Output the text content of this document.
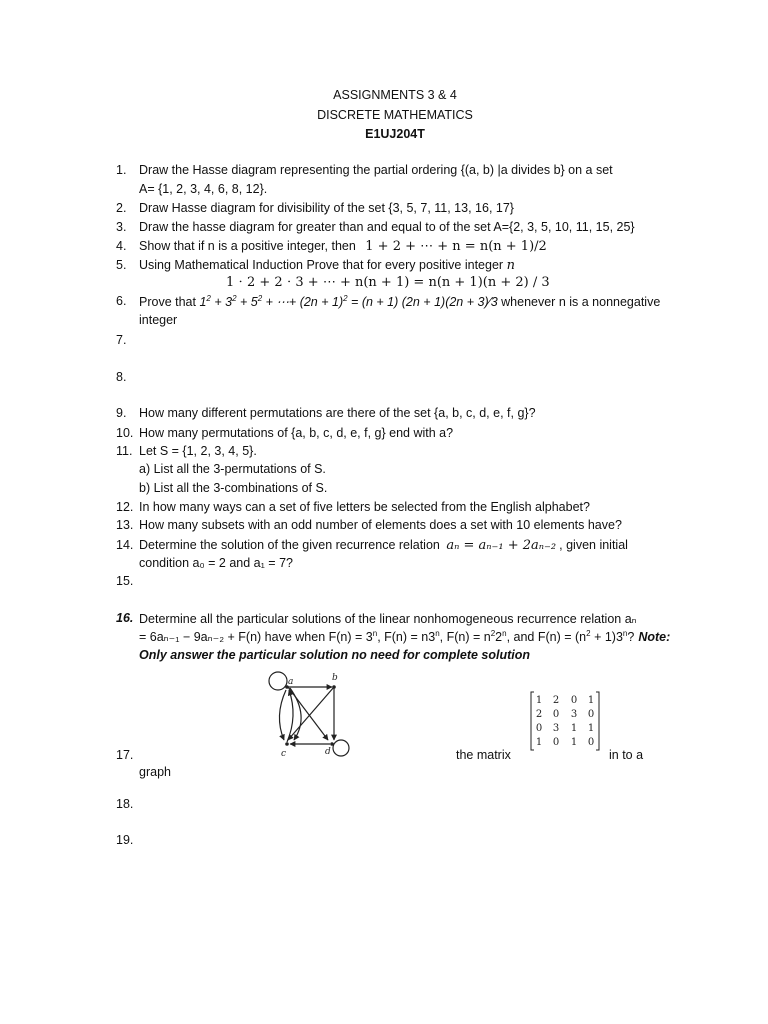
ASSIGNMENTS 3 & 4
DISCRETE MATHEMATICS
E1UJ204T
1.
2.
3.
4.
5.
6.
7.
8.
9.
10.
11.
12.
13.
14.
15.
16.
17.
18.
19.
Draw the Hasse diagram representing the partial ordering {(a, b) |a divides b} on a set
A= {1, 2, 3, 4, 6, 8, 12}.
Draw Hasse diagram for divisibility of the set {3, 5, 7, 11, 13, 16, 17}
Draw the hasse diagram for greater than and equal to of the set A={2, 3, 5, 10, 11, 15, 25}
Show that if n is a positive integer, then 1 + 2 + ⋯ + n = n(n + 1)/2
Using Mathematical Induction Prove that for every positive integer n
1 ⋅ 2 + 2 ⋅ 3 + ⋯ + n(n + 1) = n(n + 1)(n + 2) / 3
Prove that $1^2 + 3^2 + 5^2$ + ⋯+ $(2n + 1)^2 = (n + 1)$ (2n + 1)(2n + 3)⁄3 whenever n is a nonnegative
integer
How many different permutations are there of the set {a, b, c, d, e, f, g}?
How many permutations of {a, b, c, d, e, f, g} end with a?
Let S = {1, 2, 3, 4, 5}.
a) List all the 3-permutations of S.
b) List all the 3-combinations of S.
In how many ways can a set of five letters be selected from the English alphabet?
How many subsets with an odd number of elements does a set with 10 elements have?
Determine the solution of the given recurrence relation aₙ = aₙ₋₁ + 2aₙ₋₂ , given initial
condition a₀ = 2 and a₁ = 7?
Determine all the particular solutions of the linear nonhomogeneous recurrence relation aₙ
= 6aₙ₋₁ − 9aₙ₋₂ + F(n) have when $F(n) = 3^n$, $F(n) = n3^n$, $F(n) = n^22^n$, and $F(n) = (n^2 + 1)3^n$? Note:
Only answer the particular solution no need for complete solution
a	b
c	d
1 2 0 1
2 0 3 0
0 3 1 1
1 0 1 0
the matrix	in to a
graph
